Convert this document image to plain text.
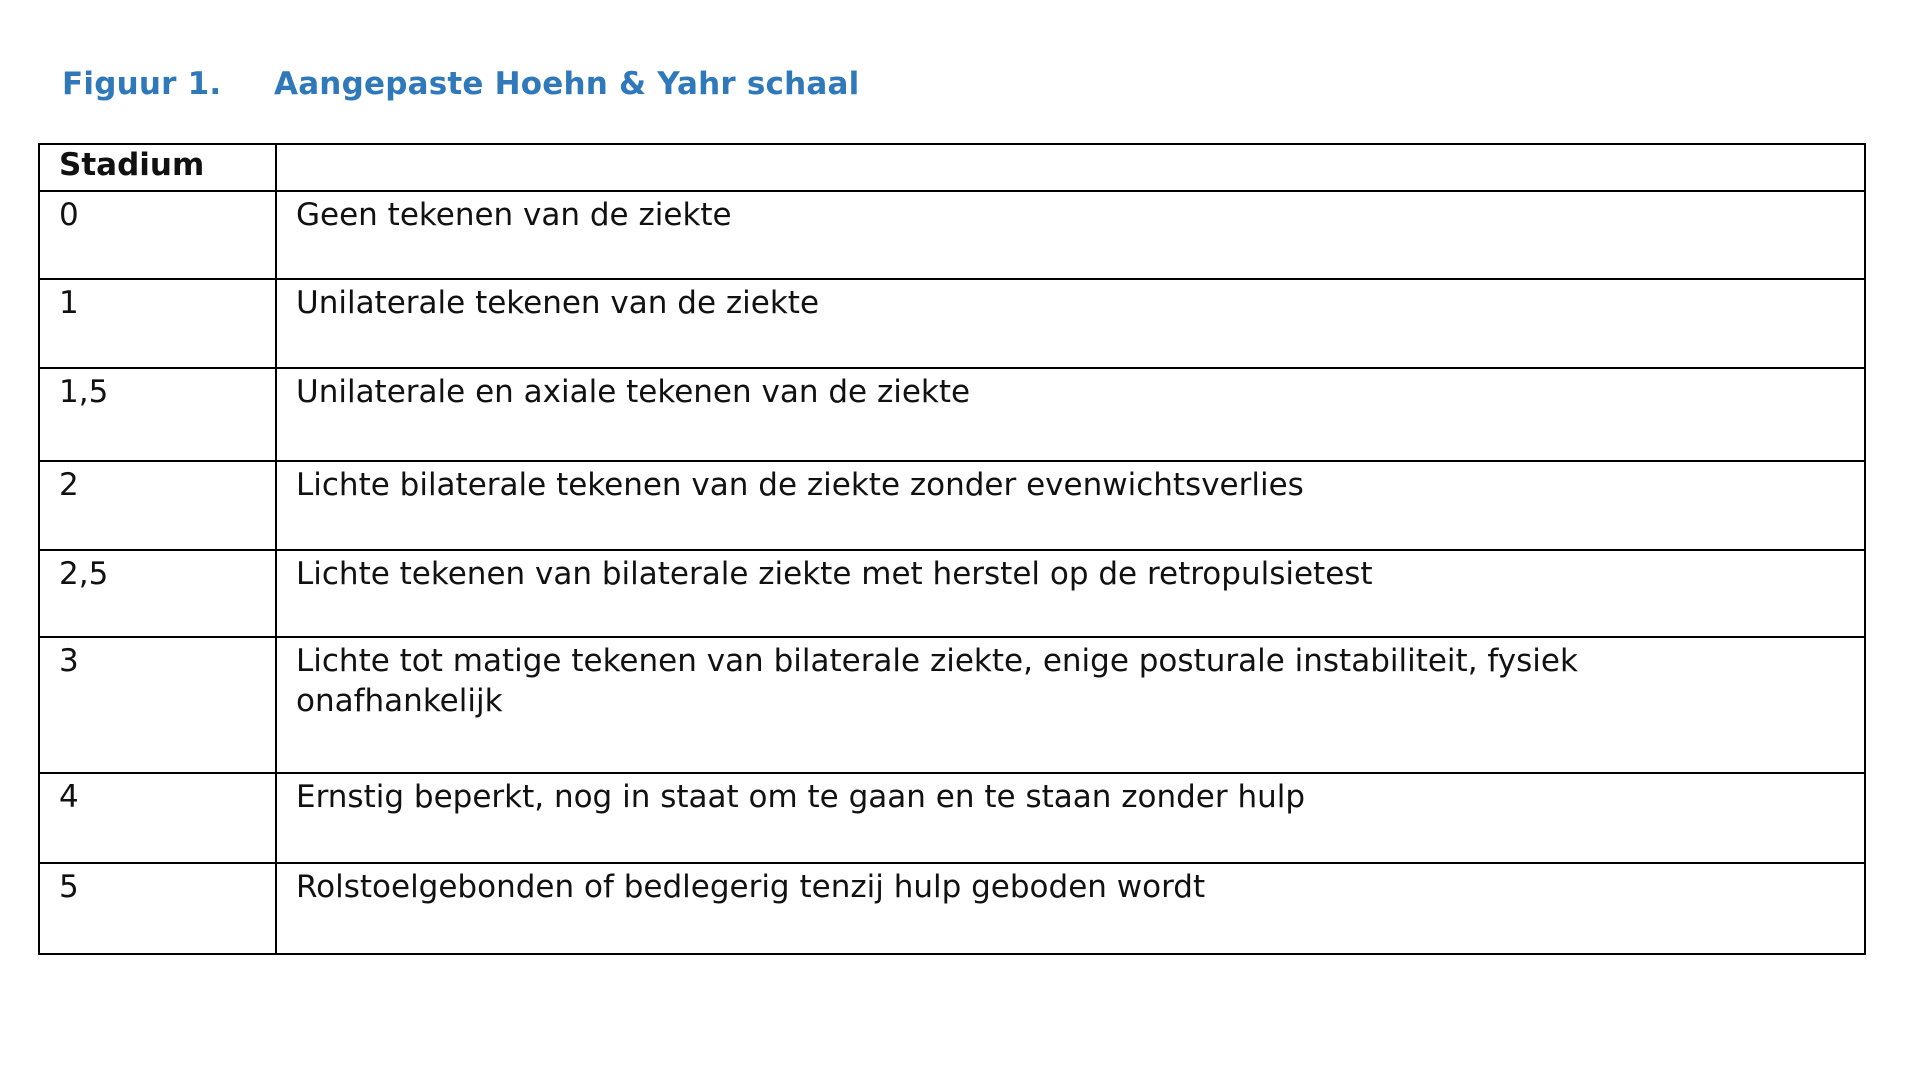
Figuur 1. Aangepaste Hoehn & Yahr schaal
Stadium	
0	Geen tekenen van de ziekte

1	Unilaterale tekenen van de ziekte

1,5	Unilaterale en axiale tekenen van de ziekte

2	Lichte bilaterale tekenen van de ziekte zonder evenwichtsverlies

2,5	Lichte tekenen van bilaterale ziekte met herstel op de retropulsietest

3	Lichte tot matige tekenen van bilaterale ziekte, enige posturale instabiliteit, fysiek onafhankelijk

4	Ernstig beperkt, nog in staat om te gaan en te staan zonder hulp

5	Rolstoelgebonden of bedlegerig tenzij hulp geboden wordt
